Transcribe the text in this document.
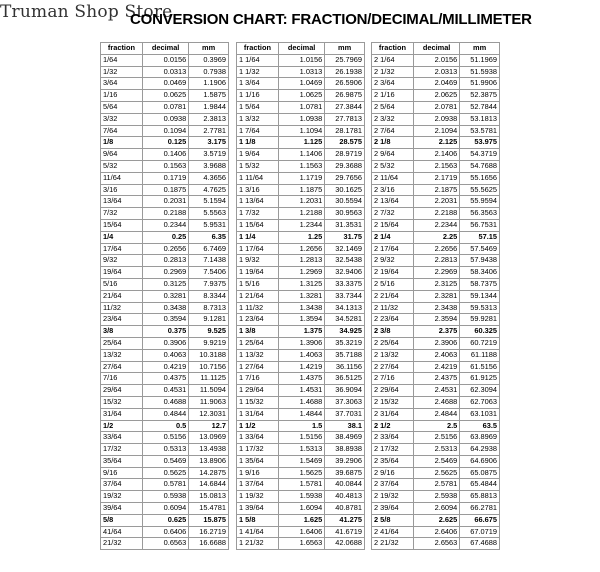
Truman Shop Store
CONVERSION CHART: FRACTION/DECIMAL/MILLIMETER
fraction	decimal	mm
1/64	0.0156	0.3969
1/32	0.0313	0.7938
3/64	0.0469	1.1906
1/16	0.0625	1.5875
5/64	0.0781	1.9844
3/32	0.0938	2.3813
7/64	0.1094	2.7781
1/8	0.125	3.175
9/64	0.1406	3.5719
5/32	0.1563	3.9688
11/64	0.1719	4.3656
3/16	0.1875	4.7625
13/64	0.2031	5.1594
7/32	0.2188	5.5563
15/64	0.2344	5.9531
1/4	0.25	6.35
17/64	0.2656	6.7469
9/32	0.2813	7.1438
19/64	0.2969	7.5406
5/16	0.3125	7.9375
21/64	0.3281	8.3344
11/32	0.3438	8.7313
23/64	0.3594	9.1281
3/8	0.375	9.525
25/64	0.3906	9.9219
13/32	0.4063	10.3188
27/64	0.4219	10.7156
7/16	0.4375	11.1125
29/64	0.4531	11.5094
15/32	0.4688	11.9063
31/64	0.4844	12.3031
1/2	0.5	12.7
33/64	0.5156	13.0969
17/32	0.5313	13.4938
35/64	0.5469	13.8906
9/16	0.5625	14.2875
37/64	0.5781	14.6844
19/32	0.5938	15.0813
39/64	0.6094	15.4781
5/8	0.625	15.875
41/64	0.6406	16.2719
21/32	0.6563	16.6688
fraction	decimal	mm
1 1/64	1.0156	25.7969
1 1/32	1.0313	26.1938
1 3/64	1.0469	26.5906
1 1/16	1.0625	26.9875
1 5/64	1.0781	27.3844
1 3/32	1.0938	27.7813
1 7/64	1.1094	28.1781
1 1/8	1.125	28.575
1 9/64	1.1406	28.9719
1 5/32	1.1563	29.3688
1 11/64	1.1719	29.7656
1 3/16	1.1875	30.1625
1 13/64	1.2031	30.5594
1 7/32	1.2188	30.9563
1 15/64	1.2344	31.3531
1 1/4	1.25	31.75
1 17/64	1.2656	32.1469
1 9/32	1.2813	32.5438
1 19/64	1.2969	32.9406
1 5/16	1.3125	33.3375
1 21/64	1.3281	33.7344
1 11/32	1.3438	34.1313
1 23/64	1.3594	34.5281
1 3/8	1.375	34.925
1 25/64	1.3906	35.3219
1 13/32	1.4063	35.7188
1 27/64	1.4219	36.1156
1 7/16	1.4375	36.5125
1 29/64	1.4531	36.9094
1 15/32	1.4688	37.3063
1 31/64	1.4844	37.7031
1 1/2	1.5	38.1
1 33/64	1.5156	38.4969
1 17/32	1.5313	38.8938
1 35/64	1.5469	39.2906
1 9/16	1.5625	39.6875
1 37/64	1.5781	40.0844
1 19/32	1.5938	40.4813
1 39/64	1.6094	40.8781
1 5/8	1.625	41.275
1 41/64	1.6406	41.6719
1 21/32	1.6563	42.0688
fraction	decimal	mm
2 1/64	2.0156	51.1969
2 1/32	2.0313	51.5938
2 3/64	2.0469	51.9906
2 1/16	2.0625	52.3875
2 5/64	2.0781	52.7844
2 3/32	2.0938	53.1813
2 7/64	2.1094	53.5781
2 1/8	2.125	53.975
2 9/64	2.1406	54.3719
2 5/32	2.1563	54.7688
2 11/64	2.1719	55.1656
2 3/16	2.1875	55.5625
2 13/64	2.2031	55.9594
2 7/32	2.2188	56.3563
2 15/64	2.2344	56.7531
2 1/4	2.25	57.15
2 17/64	2.2656	57.5469
2 9/32	2.2813	57.9438
2 19/64	2.2969	58.3406
2 5/16	2.3125	58.7375
2 21/64	2.3281	59.1344
2 11/32	2.3438	59.5313
2 23/64	2.3594	59.9281
2 3/8	2.375	60.325
2 25/64	2.3906	60.7219
2 13/32	2.4063	61.1188
2 27/64	2.4219	61.5156
2 7/16	2.4375	61.9125
2 29/64	2.4531	62.3094
2 15/32	2.4688	62.7063
2 31/64	2.4844	63.1031
2 1/2	2.5	63.5
2 33/64	2.5156	63.8969
2 17/32	2.5313	64.2938
2 35/64	2.5469	64.6906
2 9/16	2.5625	65.0875
2 37/64	2.5781	65.4844
2 19/32	2.5938	65.8813
2 39/64	2.6094	66.2781
2 5/8	2.625	66.675
2 41/64	2.6406	67.0719
2 21/32	2.6563	67.4688
